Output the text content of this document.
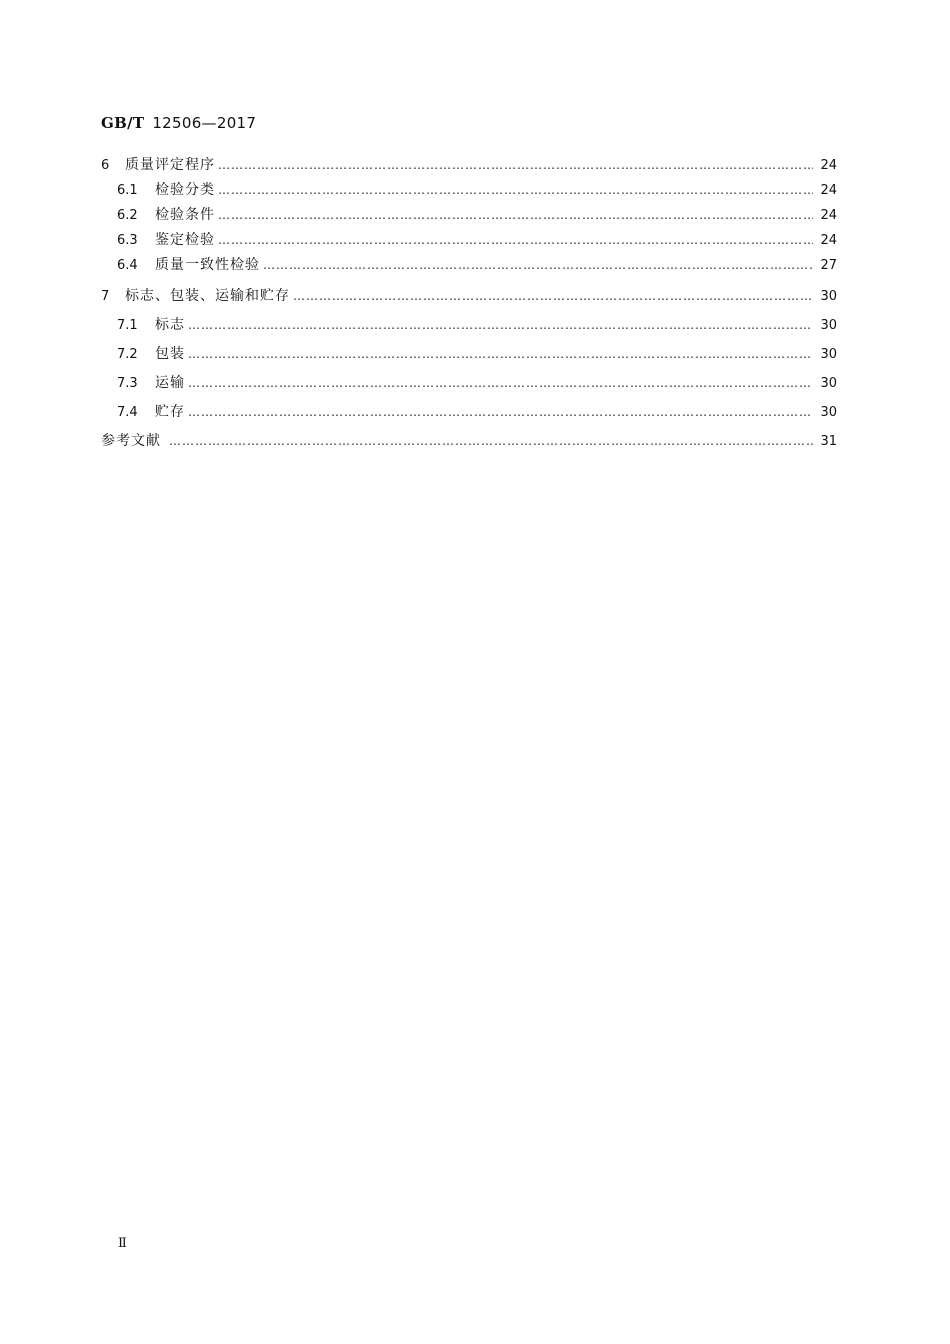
GB/T 12506—2017
6	质量评定程序 ……………………………………………………………………………………………………………………………………………………………………………………………………………………………………	24
6.1	检验分类 ……………………………………………………………………………………………………………………………………………………………………………………………………………………………………	24
6.2	检验条件 ……………………………………………………………………………………………………………………………………………………………………………………………………………………………………	24
6.3	鉴定检验 ……………………………………………………………………………………………………………………………………………………………………………………………………………………………………	24
6.4	质量一致性检验 ……………………………………………………………………………………………………………………………………………………………………………………………………………………………………	27
7	标志、包装、运输和贮存 ……………………………………………………………………………………………………………………………………………………………………………………………………………………………………	30
7.1	标志 ……………………………………………………………………………………………………………………………………………………………………………………………………………………………………	30
7.2	包装 ……………………………………………………………………………………………………………………………………………………………………………………………………………………………………	30
7.3	运输 ……………………………………………………………………………………………………………………………………………………………………………………………………………………………………	30
7.4	贮存 ……………………………………………………………………………………………………………………………………………………………………………………………………………………………………	30
参考文献 ……………………………………………………………………………………………………………………………………………………………………………………………………………………………………	31
Ⅱ
